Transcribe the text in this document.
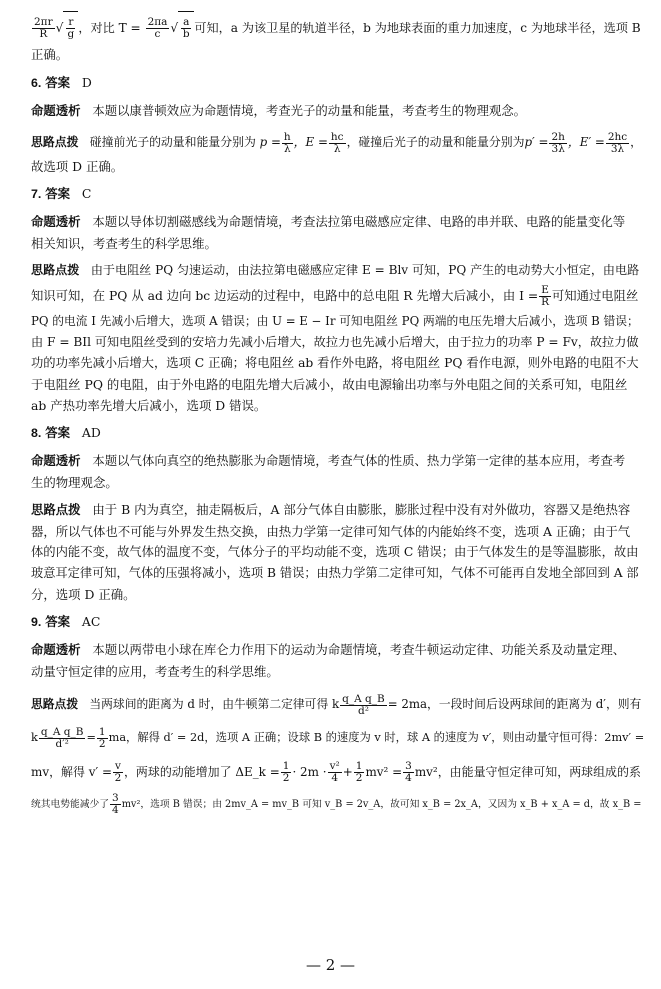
$\frac{2\pi r}{R}$ √ $\frac{r}{g}$ ，对比 $T = \frac{2\pi a}{c}$ √ $\frac{a}{b}$ 可知，a 为该卫星的轨道半径，b 为地球表面的重力加速度，c 为地球半径，选项 B
正确。
6. 答案 D
命题透析 本题以康普顿效应为命题情境，考查光子的动量和能量，考查考生的物理观念。
思路点拨 碰撞前光子的动量和能量分别为 $p = \frac{h}{\lambda}$ ，$E = \frac{hc}{\lambda}$ ，碰撞后光子的动量和能量分别为$p' = \frac{2h}{3\lambda}$ ，$E' = \frac{2hc}{3\lambda}$ ，
故选项 D 正确。
7. 答案 C
命题透析 本题以导体切割磁感线为命题情境，考查法拉第电磁感应定律、电路的串并联、电路的能量变化等
相关知识，考查考生的科学思维。
思路点拨 由于电阻丝 PQ 匀速运动，由法拉第电磁感应定律 E = Blv 可知，PQ 产生的电动势大小恒定，由电路
知识可知，在 PQ 从 ad 边向 bc 边运动的过程中，电路中的总电阻 R 先增大后减小，由 $I = \frac{E}{R}$ 可知通过电阻丝
PQ 的电流 I 先减小后增大，选项 A 错误；由 U = E − Ir 可知电阻丝 PQ 两端的电压先增大后减小，选项 B 错误；
由 F = BIl 可知电阻丝受到的安培力先减小后增大，故拉力也先减小后增大，由于拉力的功率 P = Fv，故拉力做
功的功率先减小后增大，选项 C 正确；将电阻丝 ab 看作外电路，将电阻丝 PQ 看作电源，则外电路的电阻不大
于电阻丝 PQ 的电阻，由于外电路的电阻先增大后减小，故由电源输出功率与外电阻之间的关系可知，电阻丝
ab 产热功率先增大后减小，选项 D 错误。
8. 答案 AD
命题透析 本题以气体向真空的绝热膨胀为命题情境，考查气体的性质、热力学第一定律的基本应用，考查考
生的物理观念。
思路点拨 由于 B 内为真空，抽走隔板后，A 部分气体自由膨胀，膨胀过程中没有对外做功，容器又是绝热容
器，所以气体也不可能与外界发生热交换，由热力学第一定律可知气体的内能始终不变，选项 A 正确；由于气
体的内能不变，故气体的温度不变，气体分子的平均动能不变，选项 C 错误；由于气体发生的是等温膨胀，故由
玻意耳定律可知，气体的压强将减小，选项 B 错误；由热力学第二定律可知，气体不可能再自发地全部回到 A 部
分，选项 D 正确。
9. 答案 AC
命题透析 本题以两带电小球在库仑力作用下的运动为命题情境，考查牛顿运动定律、功能关系及动量定理、
动量守恒定律的应用，考查考生的科学思维。
思路点拨 当两球间的距离为 d 时，由牛顿第二定律可得 k $\frac{\text{q\_A q\_B}}{\text{d²}} = 2ma$，一段时间后设两球间的距离为 d′，则有
k $\frac{\text{q\_A q\_B}}{\text{d′²}} = \frac{1}{2}$ ma，解得 d′ = 2d，选项 A 正确；设球 B 的速度为 v 时，球 A 的速度为 v′，则由动量守恒可得：2mv′ =
mv，解得 $v' = \frac{v}{2}$ ，两球的动能增加了 ΔE_k = $\frac{1}{2} \cdot 2m \cdot \frac{\text{v²}}{4} + \frac{1}{2} mv^2 = \frac{3}{4} mv^2$，由能量守恒定律可知，两球组成的系
统其电势能减少了 $\frac{3}{4} mv^2$，选项 B 错误；由 2mv_A = mv_B 可知 v_B = 2v_A，故可知 x_B = 2x_A，又因为 x_B + x_A = d，故 x_B =
— 2 —
